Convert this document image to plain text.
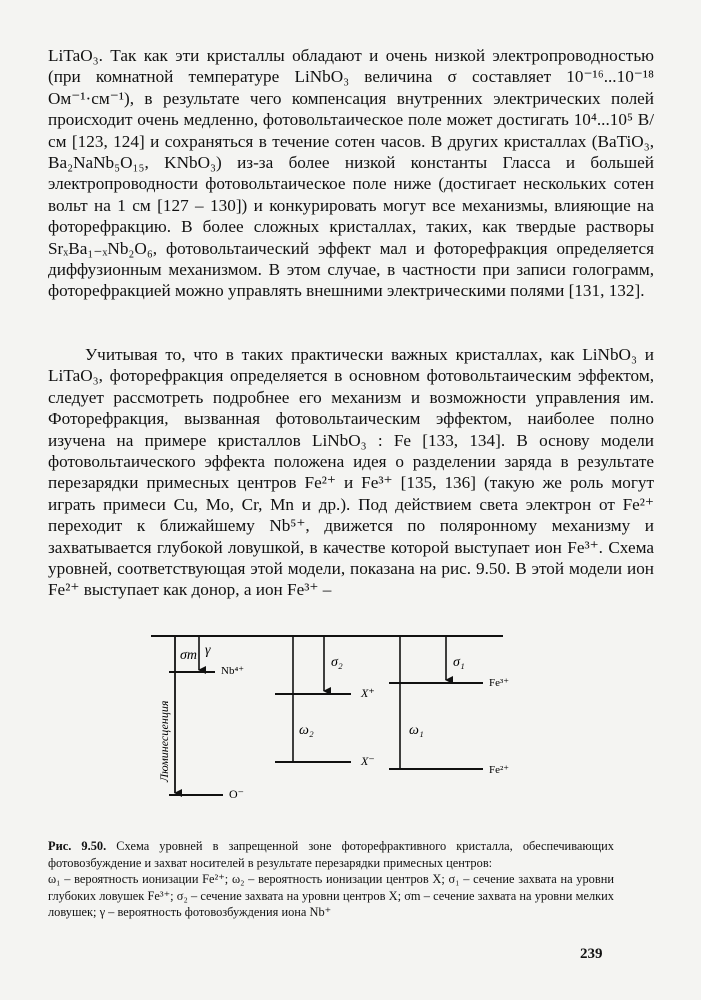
LiTaO₃. Так как эти кристаллы обладают и очень низкой электропроводностью (при комнатной температуре LiNbO₃ величина σ составляет 10⁻¹⁶...10⁻¹⁸ Ом⁻¹·см⁻¹), в результате чего компенсация внутренних электрических полей происходит очень медленно, фотовольтаическое поле может достигать 10⁴...10⁵ В/см [123, 124] и сохраняться в течение сотен часов. В других кристаллах (BaTiO₃, Ba₂NaNb₅O₁₅, KNbO₃) из-за более низкой константы Гласса и большей электропроводности фотовольтаическое поле ниже (достигает нескольких сотен вольт на 1 см [127 – 130]) и конкурировать могут все механизмы, влияющие на фоторефракцию. В более сложных кристаллах, таких, как твердые растворы SrₓBa₁₋ₓNb₂O₆, фотовольтаический эффект мал и фоторефракция определяется диффузионным механизмом. В этом случае, в частности при записи голограмм, фоторефракцией можно управлять внешними электрическими полями [131, 132].

Учитывая то, что в таких практически важных кристаллах, как LiNbO₃ и LiTaO₃, фоторефракция определяется в основном фотовольтаическим эффектом, следует рассмотреть подробнее его механизм и возможности управления им. Фоторефракция, вызванная фотовольтаическим эффектом, наиболее полно изучена на примере кристаллов LiNbO₃ : Fe [133, 134]. В основу модели фотовольтаического эффекта положена идея о разделении заряда в результате перезарядки примесных центров Fe²⁺ и Fe³⁺ [135, 136] (такую же роль могут играть примеси Cu, Mo, Cr, Mn и др.). Под действием света электрон от Fe²⁺ переходит к ближайшему Nb⁵⁺, движется по поляронному механизму и захватывается глубокой ловушкой, в качестве которой выступает ион Fe³⁺. Схема уровней, соответствующая этой модели, показана на рис. 9.50. В этой модели ион Fe²⁺ выступает как донор, а ион Fe³⁺ –

σm γ
Nb⁴⁺
σ₂	σ₁
X⁺
X⁻
ω₂	ω₁
Fe³⁺
Fe²⁺
O⁻
Люминесценция

Рис. 9.50. Схема уровней в запрещенной зоне фоторефрактивного кристалла, обеспечивающих фотовозбуждение и захват носителей в результате перезарядки примесных центров:
ω₁ – вероятность ионизации Fe²⁺; ω₂ – вероятность ионизации центров X; σ₁ – сечение захвата на уровни глубоких ловушек Fe³⁺; σ₂ – сечение захвата на уровни центров X; σm – сечение захвата на уровни мелких ловушек; γ – вероятность фотовозбуждения иона Nb⁺

239
